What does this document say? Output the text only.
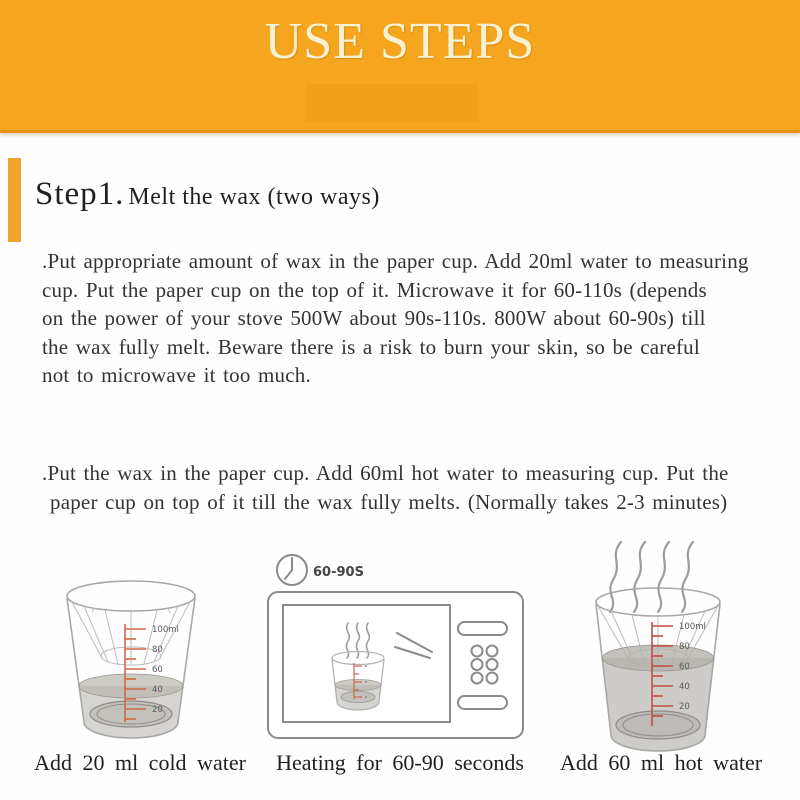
USE STEPS
Step1. Melt the wax (two ways)
.Put appropriate amount of wax in the paper cup. Add 20ml water to measuring
cup. Put the paper cup on the top of it. Microwave it for 60-110s (depends
on the power of your stove 500W about 90s-110s. 800W about 60-90s) till
the wax fully melt. Beware there is a risk to burn your skin, so be careful
not to microwave it too much.
.Put the wax in the paper cup. Add 60ml hot water to measuring cup. Put the
paper cup on top of it till the wax fully melts. (Normally takes 2-3 minutes)
100ml
80
60
40
20
60-90S
100ml
80
60
40
20
Add 20 ml cold water	Heating for 60-90 seconds	Add 60 ml hot water
